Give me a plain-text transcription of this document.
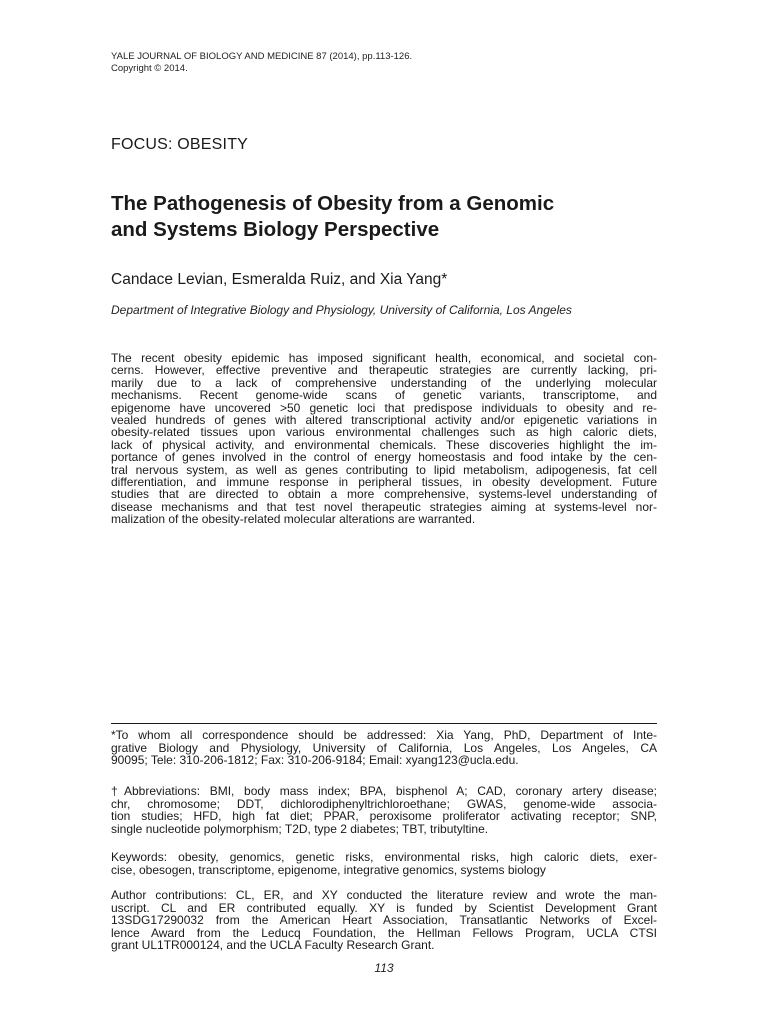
YALE JOURNAL OF BIOLOGY AND MEDICINE 87 (2014), pp.113-126.
Copyright © 2014.
FOCUS: OBESITY
The Pathogenesis of Obesity from a Genomic
and Systems Biology Perspective
Candace Levian, Esmeralda Ruiz, and Xia Yang*
Department of Integrative Biology and Physiology, University of California, Los Angeles
The recent obesity epidemic has imposed significant health, economical, and societal con-
cerns. However, effective preventive and therapeutic strategies are currently lacking, pri-
marily due to a lack of comprehensive understanding of the underlying molecular
mechanisms. Recent genome-wide scans of genetic variants, transcriptome, and
epigenome have uncovered >50 genetic loci that predispose individuals to obesity and re-
vealed hundreds of genes with altered transcriptional activity and/or epigenetic variations in
obesity-related tissues upon various environmental challenges such as high caloric diets,
lack of physical activity, and environmental chemicals. These discoveries highlight the im-
portance of genes involved in the control of energy homeostasis and food intake by the cen-
tral nervous system, as well as genes contributing to lipid metabolism, adipogenesis, fat cell
differentiation, and immune response in peripheral tissues, in obesity development. Future
studies that are directed to obtain a more comprehensive, systems-level understanding of
disease mechanisms and that test novel therapeutic strategies aiming at systems-level nor-
malization of the obesity-related molecular alterations are warranted.
*To whom all correspondence should be addressed: Xia Yang, PhD, Department of Inte-
grative Biology and Physiology, University of California, Los Angeles, Los Angeles, CA
90095; Tele: 310-206-1812; Fax: 310-206-9184; Email: xyang123@ucla.edu.
†Abbreviations: BMI, body mass index; BPA, bisphenol A; CAD, coronary artery disease;
chr, chromosome; DDT, dichlorodiphenyltrichloroethane; GWAS, genome-wide associa-
tion studies; HFD, high fat diet; PPAR, peroxisome proliferator activating receptor; SNP,
single nucleotide polymorphism; T2D, type 2 diabetes; TBT, tributyltine.
Keywords: obesity, genomics, genetic risks, environmental risks, high caloric diets, exer-
cise, obesogen, transcriptome, epigenome, integrative genomics, systems biology
Author contributions: CL, ER, and XY conducted the literature review and wrote the man-
uscript. CL and ER contributed equally. XY is funded by Scientist Development Grant
13SDG17290032 from the American Heart Association, Transatlantic Networks of Excel-
lence Award from the Leducq Foundation, the Hellman Fellows Program, UCLA CTSI
grant UL1TR000124, and the UCLA Faculty Research Grant.
113
